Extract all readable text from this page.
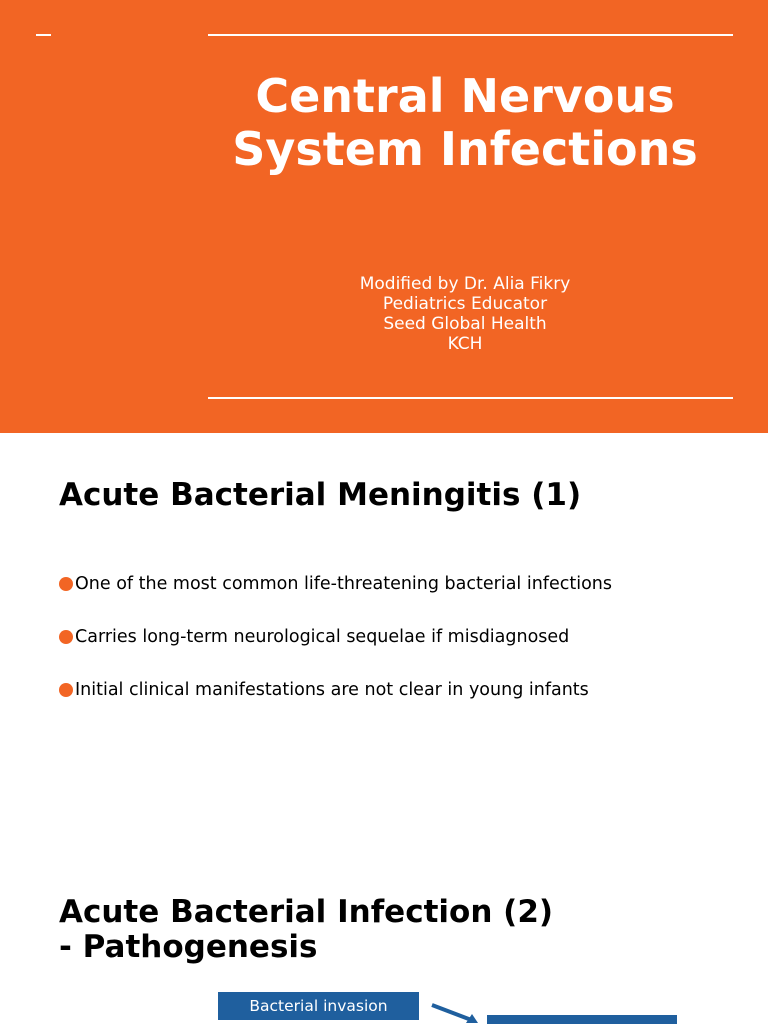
Central Nervous
System Infections
Modified by Dr. Alia Fikry
Pediatrics Educator
Seed Global Health
KCH
Acute Bacterial Meningitis (1)
One of the most common life-threatening bacterial infections
Carries long-term neurological sequelae if misdiagnosed
Initial clinical manifestations are not clear in young infants
Acute Bacterial Infection (2)
- Pathogenesis
Bacterial invasion
